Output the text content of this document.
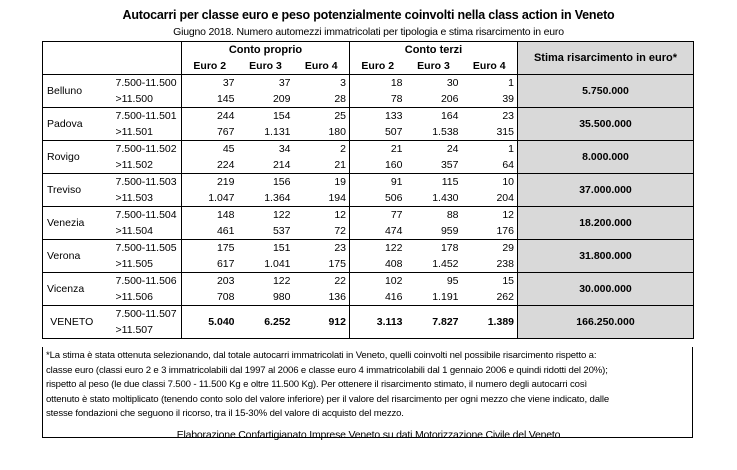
Autocarri per classe euro e peso potenzialmente coinvolti nella class action in Veneto
Giugno 2018. Numero automezzi immatricolati per tipologia e stima risarcimento in euro
		Conto proprio			Conto terzi			Stima risarcimento in euro*
		Euro 2	Euro 3	Euro 4	Euro 2	Euro 3	Euro 4	
Belluno	7.500-11.500	37	37	3	18	30	1	5.750.000
	>11.500	145	209	28	78	206	39	
Padova	7.500-11.501	244	154	25	133	164	23	35.500.000
	>11.501	767	1.131	180	507	1.538	315	
Rovigo	7.500-11.502	45	34	2	21	24	1	8.000.000
	>11.502	224	214	21	160	357	64	
Treviso	7.500-11.503	219	156	19	91	115	10	37.000.000
	>11.503	1.047	1.364	194	506	1.430	204	
Venezia	7.500-11.504	148	122	12	77	88	12	18.200.000
	>11.504	461	537	72	474	959	176	
Verona	7.500-11.505	175	151	23	122	178	29	31.800.000
	>11.505	617	1.041	175	408	1.452	238	
Vicenza	7.500-11.506	203	122	22	102	95	15	30.000.000
	>11.506	708	980	136	416	1.191	262	
VENETO	7.500-11.507	5.040	6.252	912	3.113	7.827	1.389	166.250.000
	>11.507							
*La stima è stata ottenuta selezionando, dal totale autocarri immatricolati in Veneto, quelli coinvolti nel possibile risarcimento rispetto a:
classe euro (classi euro 2 e 3 immatricolabili dal 1997 al 2006 e classe euro 4 immatricolabili dal 1 gennaio 2006 e quindi ridotti del 20%);
rispetto al peso (le due classi 7.500 - 11.500 Kg e oltre 11.500 Kg). Per ottenere il risarcimento stimato, il numero degli autocarri così
ottenuto è stato moltiplicato (tenendo conto solo del valore inferiore) per il valore del risarcimento per ogni mezzo che viene indicato, dalle
stesse fondazioni che seguono il ricorso, tra il 15-30% del valore di acquisto del mezzo.
Elaborazione Confartigianato Imprese Veneto su dati Motorizzazione Civile del Veneto
